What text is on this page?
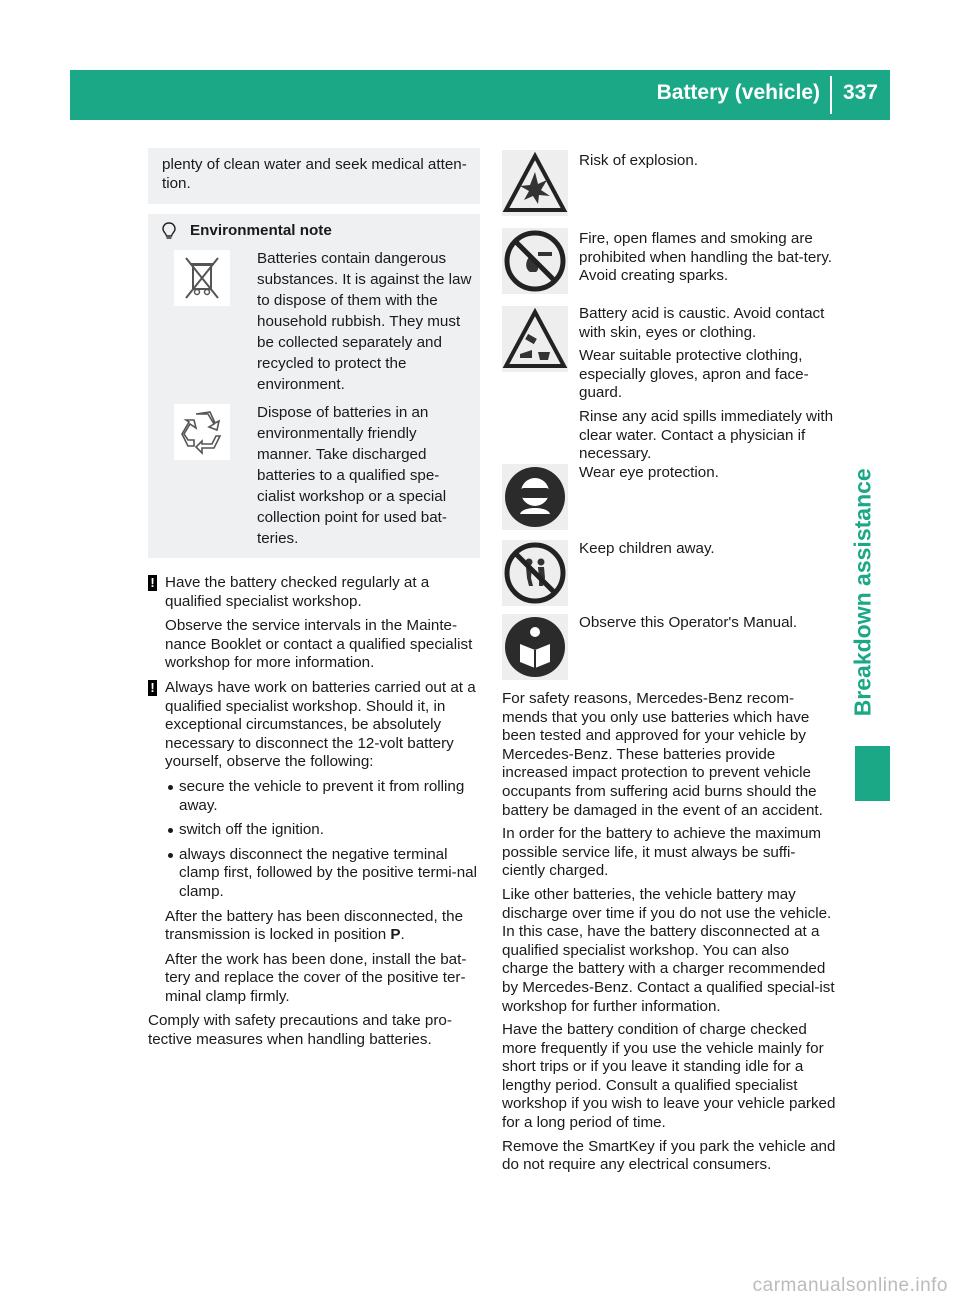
Battery (vehicle) 337
Breakdown assistance

plenty of clean water and seek medical atten-tion.

Environmental note

Batteries contain dangerous substances. It is against the law to dispose of them with the household rubbish. They must be collected separately and recycled to protect the environment.

Dispose of batteries in an environmentally friendly manner. Take discharged batteries to a qualified spe-cialist workshop or a special collection point for used bat-teries.

! Have the battery checked regularly at a qualified specialist workshop.

Observe the service intervals in the Mainte-nance Booklet or contact a qualified specialist workshop for more information.

! Always have work on batteries carried out at a qualified specialist workshop. Should it, in exceptional circumstances, be absolutely necessary to disconnect the 12-volt battery yourself, observe the following:

secure the vehicle to prevent it from rolling away.
switch off the ignition.
always disconnect the negative terminal clamp first, followed by the positive termi-nal clamp.

After the battery has been disconnected, the transmission is locked in position P.

After the work has been done, install the bat-tery and replace the cover of the positive ter-minal clamp firmly.

Comply with safety precautions and take pro-tective measures when handling batteries.

Risk of explosion.

Fire, open flames and smoking are prohibited when handling the bat-tery. Avoid creating sparks.

Battery acid is caustic. Avoid contact with skin, eyes or clothing.

Wear suitable protective clothing, especially gloves, apron and face-guard.

Rinse any acid spills immediately with clear water. Contact a physician if necessary.

Wear eye protection.

Keep children away.

Observe this Operator's Manual.

For safety reasons, Mercedes-Benz recom-mends that you only use batteries which have been tested and approved for your vehicle by Mercedes-Benz. These batteries provide increased impact protection to prevent vehicle occupants from suffering acid burns should the battery be damaged in the event of an accident.

In order for the battery to achieve the maximum possible service life, it must always be suffi-ciently charged.

Like other batteries, the vehicle battery may discharge over time if you do not use the vehicle. In this case, have the battery disconnected at a qualified specialist workshop. You can also charge the battery with a charger recommended by Mercedes-Benz. Contact a qualified special-ist workshop for further information.

Have the battery condition of charge checked more frequently if you use the vehicle mainly for short trips or if you leave it standing idle for a lengthy period. Consult a qualified specialist workshop if you wish to leave your vehicle parked for a long period of time.

Remove the SmartKey if you park the vehicle and do not require any electrical consumers.

carmanualsonline.info
